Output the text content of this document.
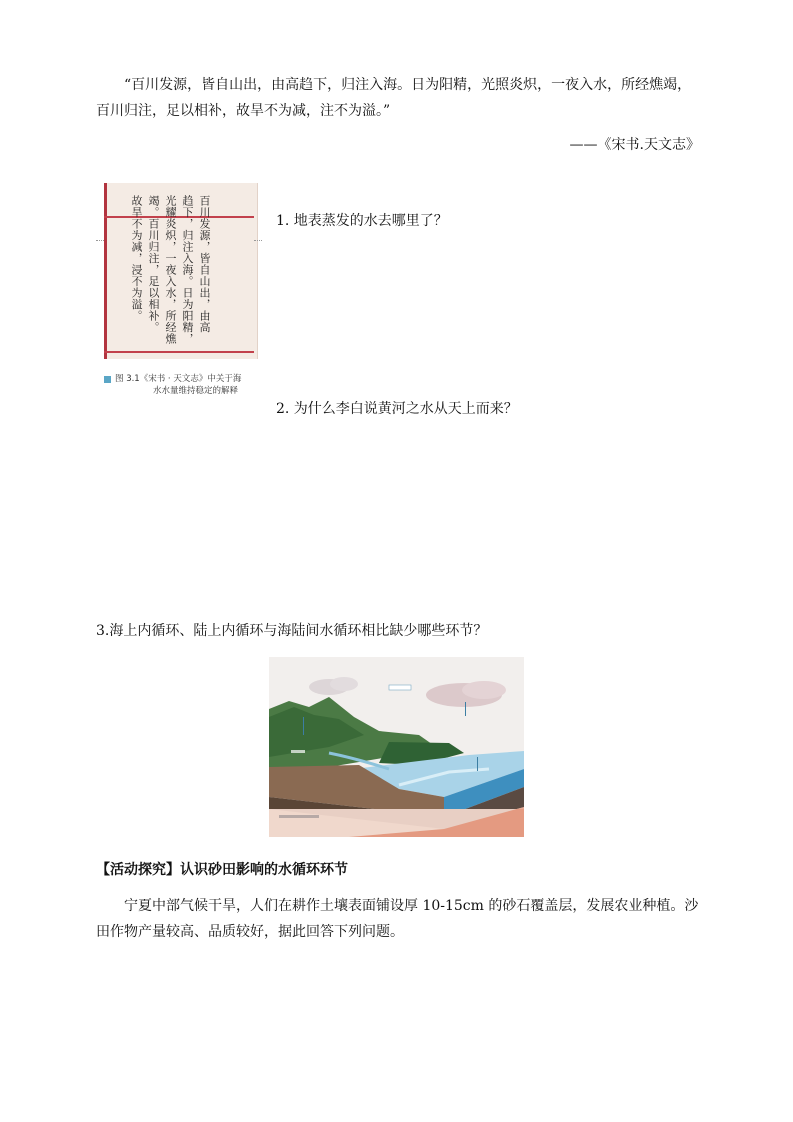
“百川发源，皆自山出，由高趋下，归注入海。日为阳精，光照炎炽，一夜入水，所经燋竭，

百川归注，足以相补，故旱不为减，注不为溢。”

——《宋书.天文志》
百川发源，皆自山出，由高
趋下，归注入海。日为阳精，
光耀炎炽，一夜入水，所经燋
竭。百川归注，足以相补。
故旱不为减，浸不为溢。
图 3.1《宋书 · 天文志》中关于海
水水量维持稳定的解释
1. 地表蒸发的水去哪里了？
2. 为什么李白说黄河之水从天上而来？
3.海上内循环、陆上内循环与海陆间水循环相比缺少哪些环节？
【活动探究】认识砂田影响的水循环环节
宁夏中部气候干旱，人们在耕作土壤表面铺设厚 10-15cm 的砂石覆盖层，发展农业种植。沙田作物产量较高、品质较好，据此回答下列问题。
